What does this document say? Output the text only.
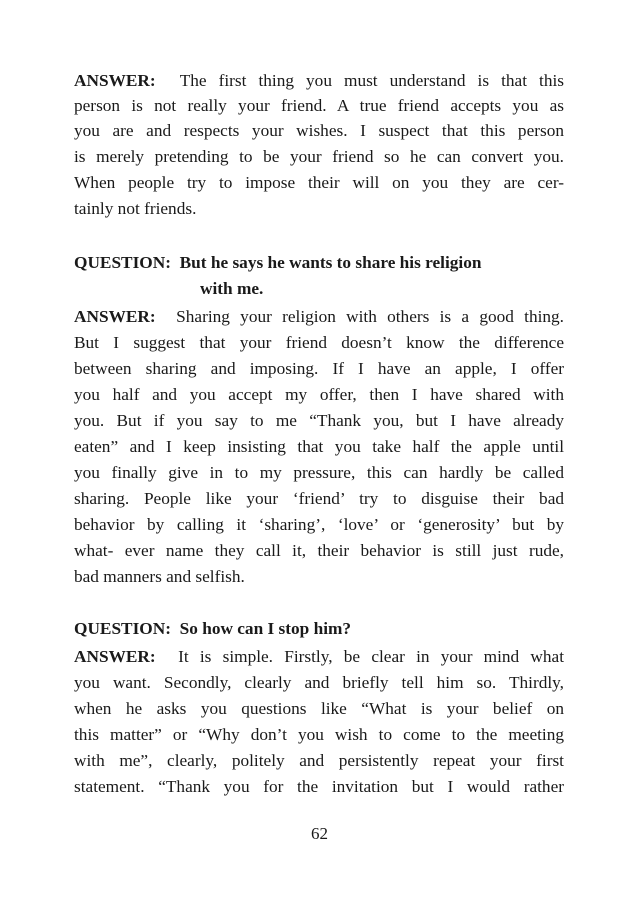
ANSWER: The first thing you must understand is that this
person is not really your friend. A true friend accepts you as
you are and respects your wishes. I suspect that this person
is merely pretending to be your friend so he can convert you.
When people try to impose their will on you they are cer-
tainly not friends.
QUESTION: But he says he wants to share his religion
with me.
ANSWER: Sharing your religion with others is a good thing.
But I suggest that your friend doesn’t know the difference
between sharing and imposing. If I have an apple, I offer
you half and you accept my offer, then I have shared with
you. But if you say to me “Thank you, but I have already
eaten” and I keep insisting that you take half the apple until
you finally give in to my pressure, this can hardly be called
sharing. People like your ‘friend’ try to disguise their bad
behavior by calling it ‘sharing’, ‘love’ or ‘generosity’ but by
what- ever name they call it, their behavior is still just rude,
bad manners and selfish.
QUESTION: So how can I stop him?
ANSWER: It is simple. Firstly, be clear in your mind what
you want. Secondly, clearly and briefly tell him so. Thirdly,
when he asks you questions like “What is your belief on
this matter” or “Why don’t you wish to come to the meeting
with me”, clearly, politely and persistently repeat your first
statement. “Thank you for the invitation but I would rather
62
